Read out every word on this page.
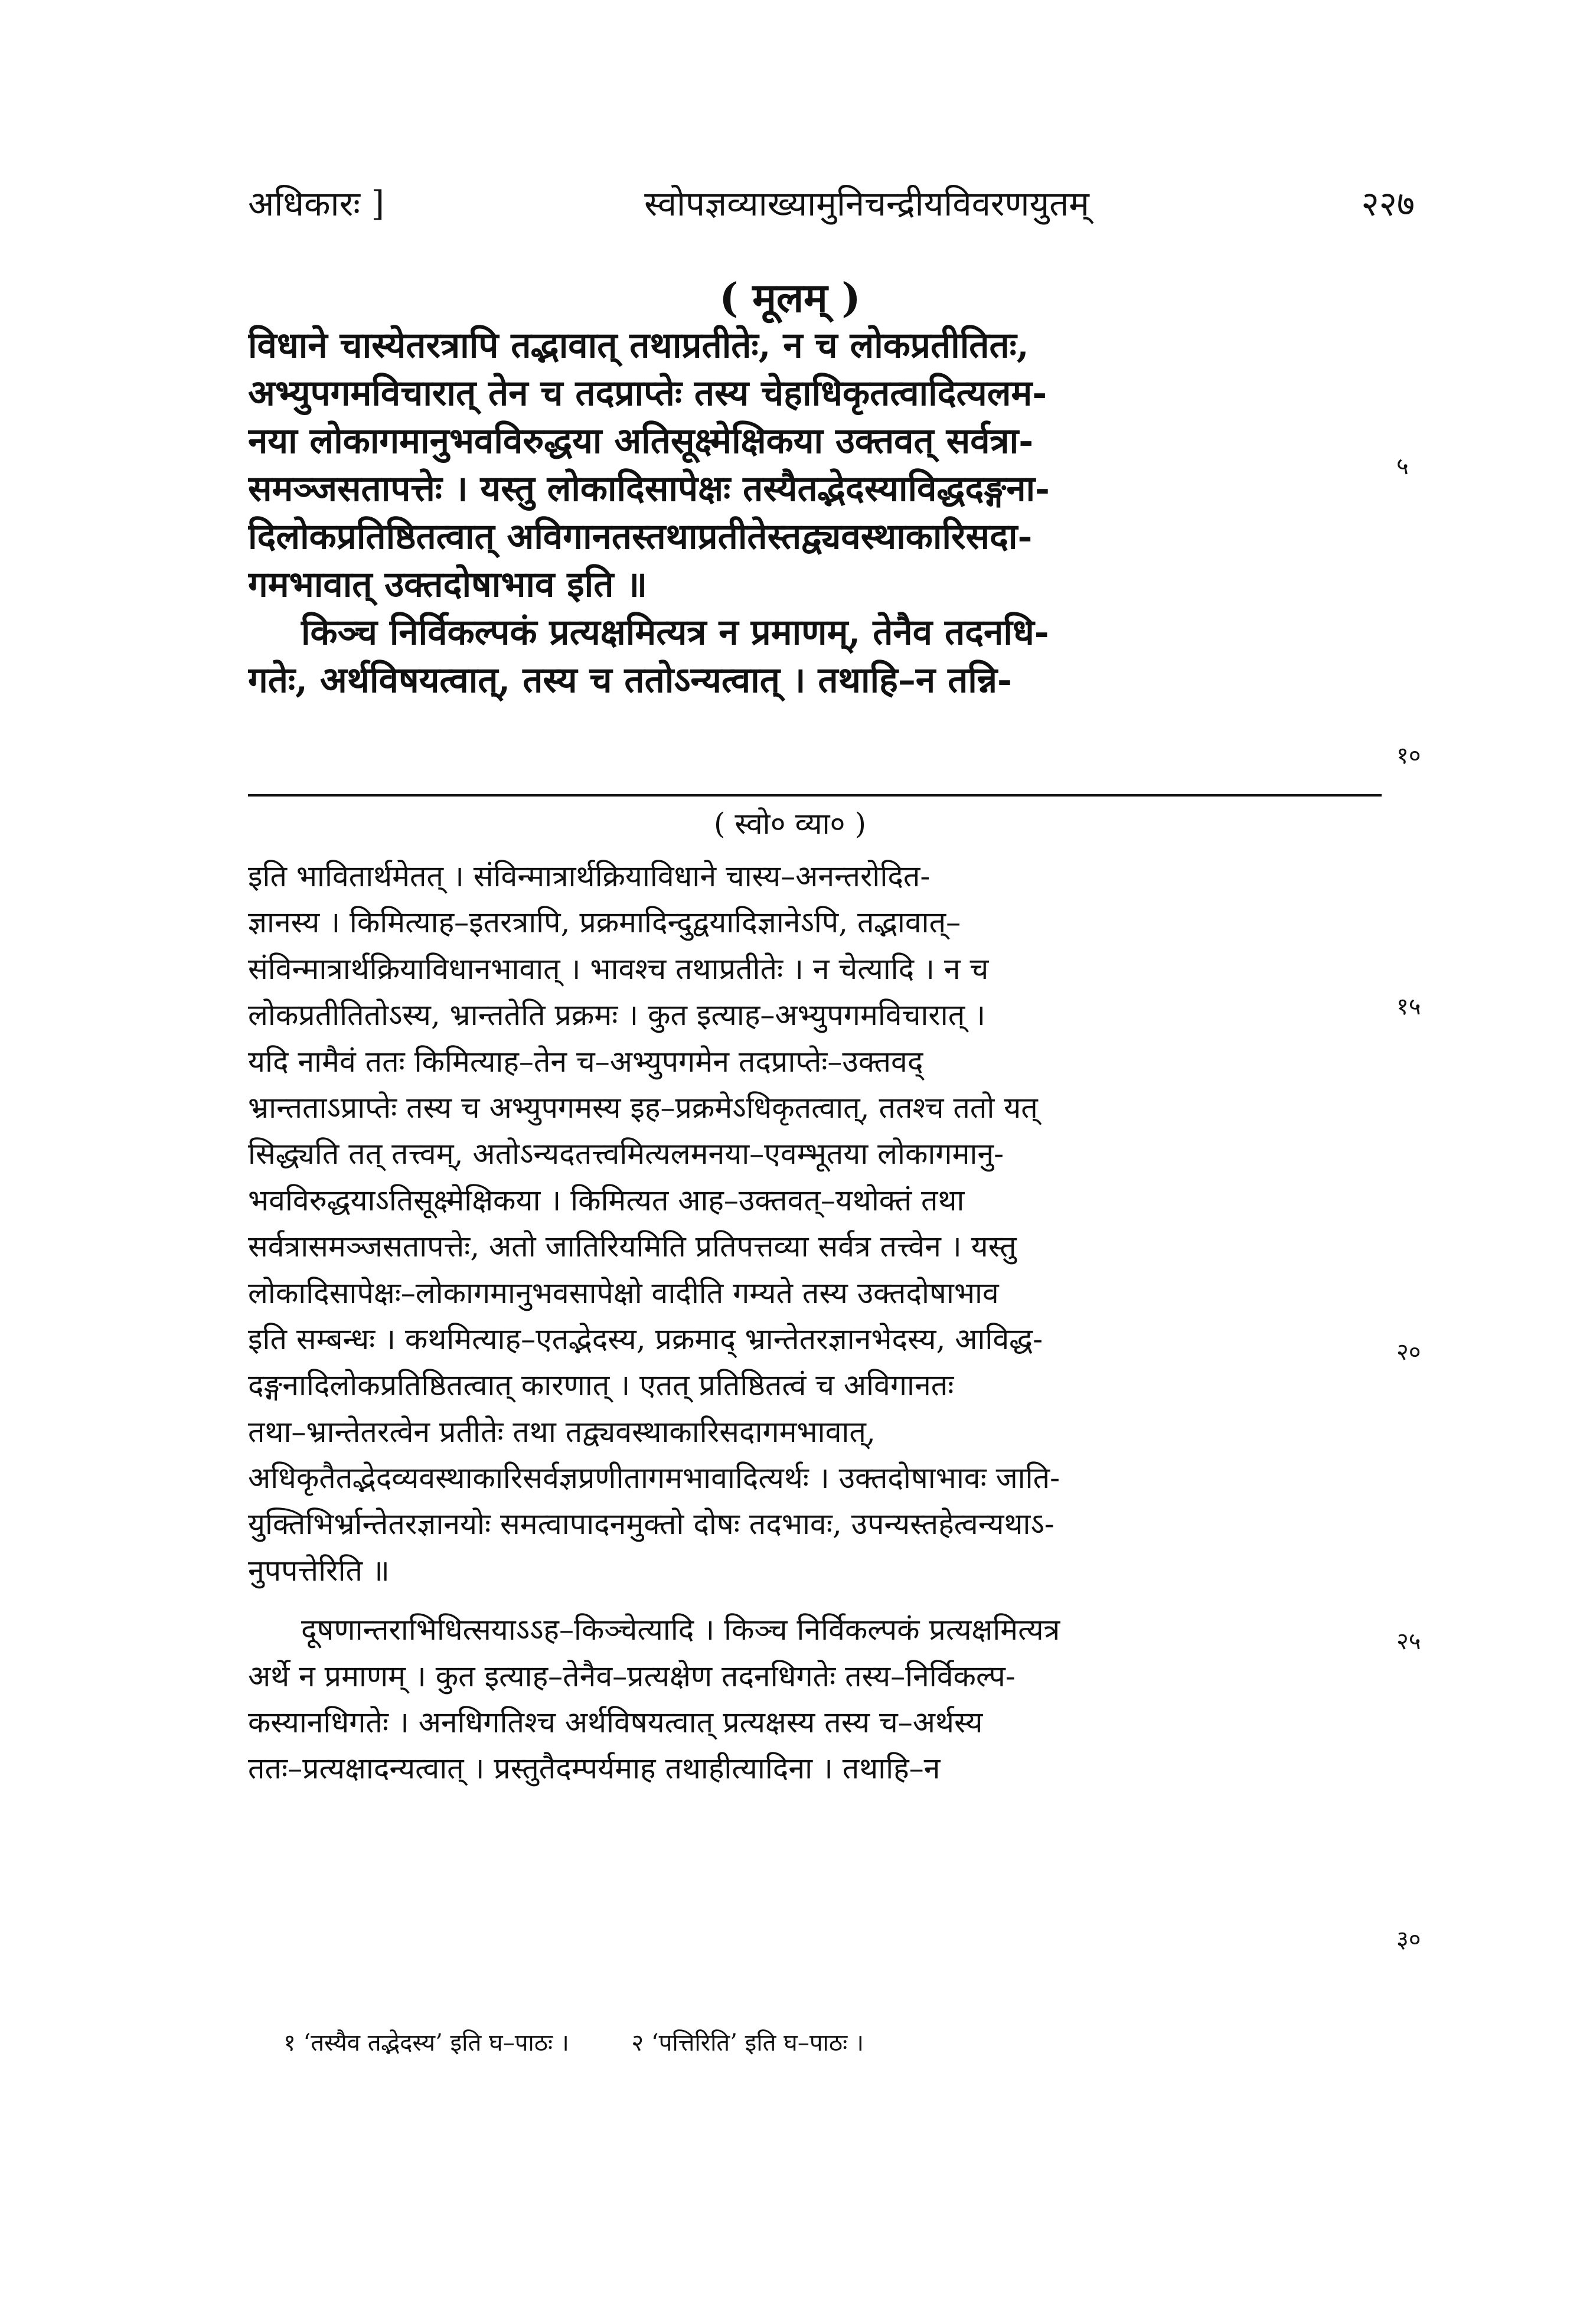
अधिकारः ]	स्वोपज्ञव्याख्यामुनिचन्द्रीयविवरणयुतम्	२२७
( मूलम् )
विधाने चास्येतरत्रापि तद्भावात् तथाप्रतीतेः, न च लोकप्रतीतितः,
अभ्युपगमविचारात् तेन च तदप्राप्तेः तस्य चेहाधिकृतत्वादित्यलम-
नया लोकागमानुभवविरुद्धया अतिसूक्ष्मेक्षिकया उक्तवत् सर्वत्रा-
समञ्जसतापत्तेः । यस्तु लोकादिसापेक्षः तस्यैतद्भेदस्याविद्धदङ्गना-
दिलोकप्रतिष्ठितत्वात् अविगानतस्तथाप्रतीतेस्तद्व्यवस्थाकारिसदा-
गमभावात् उक्तदोषाभाव इति ॥
किञ्च निर्विकल्पकं प्रत्यक्षमित्यत्र न प्रमाणम्, तेनैव तदनधि-
गतेः, अर्थविषयत्वात्, तस्य च ततोऽन्यत्वात् । तथाहि–न तन्नि-
५
१०
( स्वो० व्या० )
इति भावितार्थमेतत् । संविन्मात्रार्थक्रियाविधाने चास्य–अनन्तरोदित-
ज्ञानस्य । किमित्याह–इतरत्रापि, प्रक्रमादिन्दुद्वयादिज्ञानेऽपि, तद्भावात्–
संविन्मात्रार्थक्रियाविधानभावात् । भावश्च तथाप्रतीतेः । न चेत्यादि । न च
लोकप्रतीतितोऽस्य, भ्रान्ततेति प्रक्रमः । कुत इत्याह–अभ्युपगमविचारात् ।
यदि नामैवं ततः किमित्याह–तेन च–अभ्युपगमेन तदप्राप्तेः–उक्तवद्
भ्रान्तताऽप्राप्तेः तस्य च अभ्युपगमस्य इह–प्रक्रमेऽधिकृतत्वात्, ततश्च ततो यत्
सिद्ध्यति तत् तत्त्वम्, अतोऽन्यदतत्त्वमित्यलमनया–एवम्भूतया लोकागमानु-
भवविरुद्धयाऽतिसूक्ष्मेक्षिकया । किमित्यत आह–उक्तवत्–यथोक्तं तथा
सर्वत्रासमञ्जसतापत्तेः, अतो जातिरियमिति प्रतिपत्तव्या सर्वत्र तत्त्वेन । यस्तु
लोकादिसापेक्षः–लोकागमानुभवसापेक्षो वादीति गम्यते तस्य उक्तदोषाभाव
इति सम्बन्धः । कथमित्याह–एतद्भेदस्य, प्रक्रमाद् भ्रान्तेतरज्ञानभेदस्य, आविद्ध-
दङ्गनादिलोकप्रतिष्ठितत्वात् कारणात् । एतत् प्रतिष्ठितत्वं च अविगानतः
तथा–भ्रान्तेतरत्वेन प्रतीतेः तथा तद्व्यवस्थाकारिसदागमभावात्,
अधिकृतैतद्भेदव्यवस्थाकारिसर्वज्ञप्रणीतागमभावादित्यर्थः । उक्तदोषाभावः जाति-
युक्तिभिर्भ्रान्तेतरज्ञानयोः समत्वापादनमुक्तो दोषः तदभावः, उपन्यस्तहेत्वन्यथाऽ-
नुपपत्तेरिति ॥
दूषणान्तराभिधित्सयाऽऽह–किञ्चेत्यादि । किञ्च निर्विकल्पकं प्रत्यक्षमित्यत्र
अर्थे न प्रमाणम् । कुत इत्याह–तेनैव–प्रत्यक्षेण तदनधिगतेः तस्य–निर्विकल्प-
कस्यानधिगतेः । अनधिगतिश्च अर्थविषयत्वात् प्रत्यक्षस्य तस्य च–अर्थस्य
ततः–प्रत्यक्षादन्यत्वात् । प्रस्तुतैदम्पर्यमाह तथाहीत्यादिना । तथाहि–न
१५
२०
२५
३०
१ ‘तस्यैव तद्भेदस्य’ इति घ–पाठः ।	२ ‘पत्तिरिति’ इति घ–पाठः ।
